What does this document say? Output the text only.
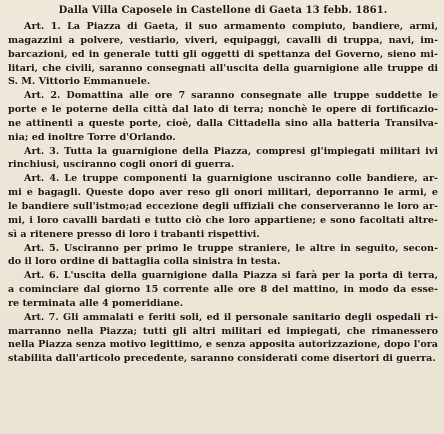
Dalla Villa Caposele in Castellone di Gaeta 13 febb. 1861.
Art. 1. La Piazza di Gaeta, il suo armamento compiuto, bandiere, armi,
magazzini a polvere, vestiario, viveri, equipaggi, cavalli di truppa, navi, im-
barcazioni, ed in generale tutti gli oggetti di spettanza del Governo, sieno mi-
litari, che civili, saranno consegnati all'uscita della guarnigione alle truppe di
S. M. Vittorio Emmanuele.
Art. 2. Domattina alle ore 7 saranno consegnate alle truppe suddette le
porte e le poterne della città dal lato di terra; nonchè le opere di fortificazio-
ne attinenti a queste porte, cioè, dalla Cittadella sino alla batteria Transilva-
nia; ed inoltre Torre d'Orlando.
Art. 3. Tutta la guarnigione della Piazza, compresi gl'impiegati militari ivi
rinchiusi, usciranno cogli onori di guerra.
Art. 4. Le truppe componenti la guarnigione usciranno colle bandiere, ar-
mi e bagagli. Queste dopo aver reso gli onori militari, deporranno le armi, e
le bandiere sull'istmo;ad eccezione degli uffiziali che conserveranno le loro ar-
mi, i loro cavalli bardati e tutto ciò che loro appartiene; e sono facoltati altre-
sì a ritenere presso di loro i trabanti rispettivi.
Art. 5. Usciranno per primo le truppe straniere, le altre in seguito, secon-
do il loro ordine di battaglia colla sinistra in testa.
Art. 6. L'uscita della guarnigione dalla Piazza si farà per la porta di terra,
a cominciare dal giorno 15 corrente alle ore 8 del mattino, in modo da esse-
re terminata alle 4 pomeridiane.
Art. 7. Gli ammalati e feriti soli, ed il personale sanitario degli ospedali ri-
marranno nella Piazza; tutti gli altri militari ed impiegati, che rimanessero
nella Piazza senza motivo legittimo, e senza apposita autorizzazione, dopo l'ora
stabilita dall'articolo precedente, saranno considerati come disertori di guerra.
